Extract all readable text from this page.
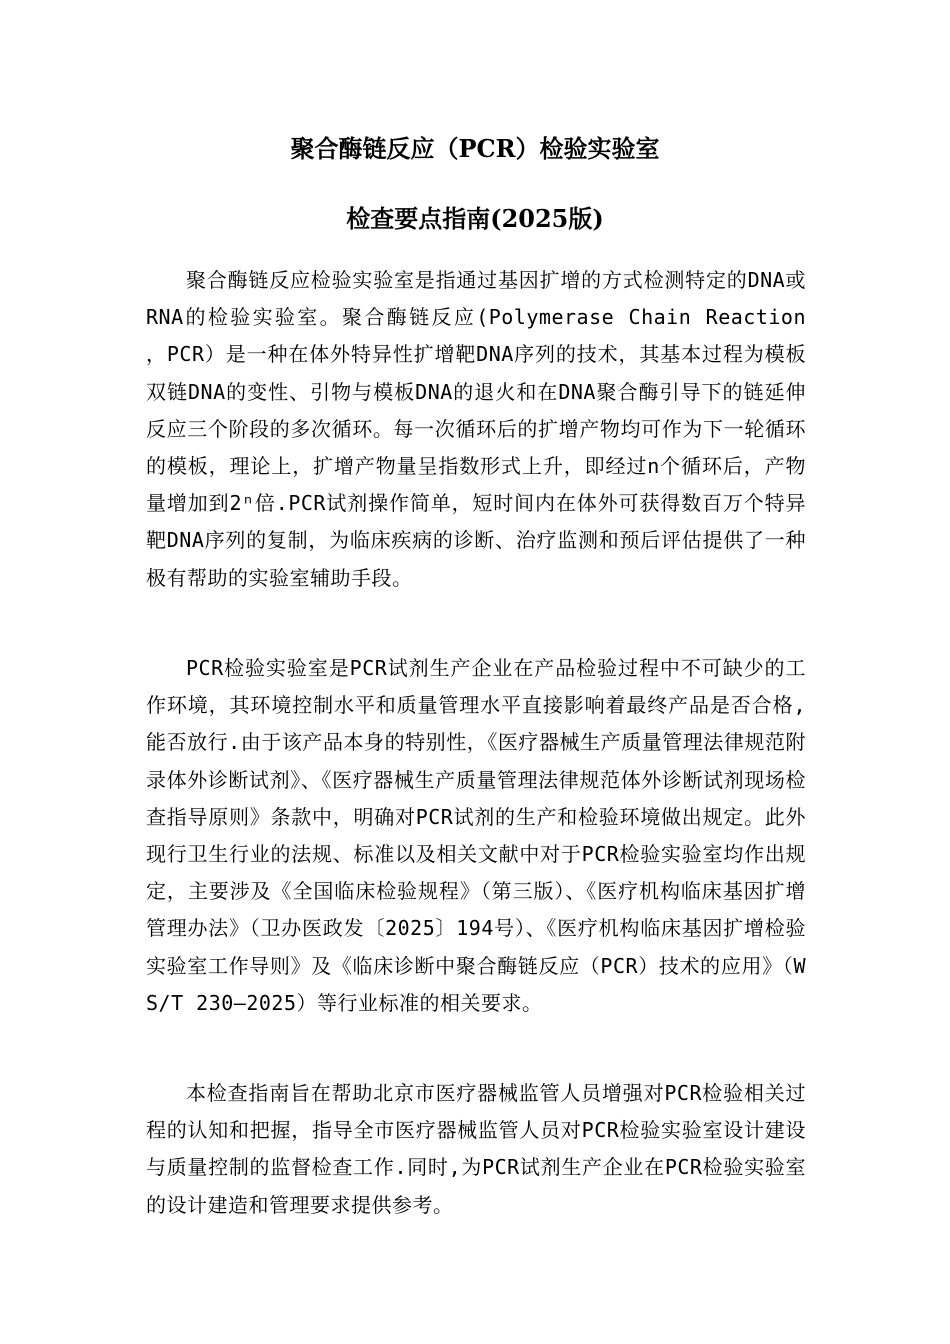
聚合酶链反应（PCR）检验实验室
检查要点指南(2025版)

聚合酶链反应检验实验室是指通过基因扩增的方式检测特定的DNA或RNA的检验实验室。聚合酶链反应(Polymerase Chain Reaction ，PCR）是一种在体外特异性扩增靶DNA序列的技术，其基本过程为模板双链DNA的变性、引物与模板DNA的退火和在DNA聚合酶引导下的链延伸反应三个阶段的多次循环。每一次循环后的扩增产物均可作为下一轮循环的模板，理论上，扩增产物量呈指数形式上升，即经过n个循环后，产物量增加到2ⁿ倍.PCR试剂操作简单，短时间内在体外可获得数百万个特异靶DNA序列的复制，为临床疾病的诊断、治疗监测和预后评估提供了一种极有帮助的实验室辅助手段。

PCR检验实验室是PCR试剂生产企业在产品检验过程中不可缺少的工作环境，其环境控制水平和质量管理水平直接影响着最终产品是否合格,能否放行.由于该产品本身的特别性，《医疗器械生产质量管理法律规范附录体外诊断试剂》、《医疗器械生产质量管理法律规范体外诊断试剂现场检查指导原则》条款中，明确对PCR试剂的生产和检验环境做出规定。此外现行卫生行业的法规、标准以及相关文献中对于PCR检验实验室均作出规定，主要涉及《全国临床检验规程》（第三版）、《医疗机构临床基因扩增管理办法》（卫办医政发〔2025〕194号）、《医疗机构临床基因扩增检验实验室工作导则》及《临床诊断中聚合酶链反应（PCR）技术的应用》（WS/T 230—2025）等行业标准的相关要求。

本检查指南旨在帮助北京市医疗器械监管人员增强对PCR检验相关过程的认知和把握，指导全市医疗器械监管人员对PCR检验实验室设计建设与质量控制的监督检查工作.同时,为PCR试剂生产企业在PCR检验实验室的设计建造和管理要求提供参考。
